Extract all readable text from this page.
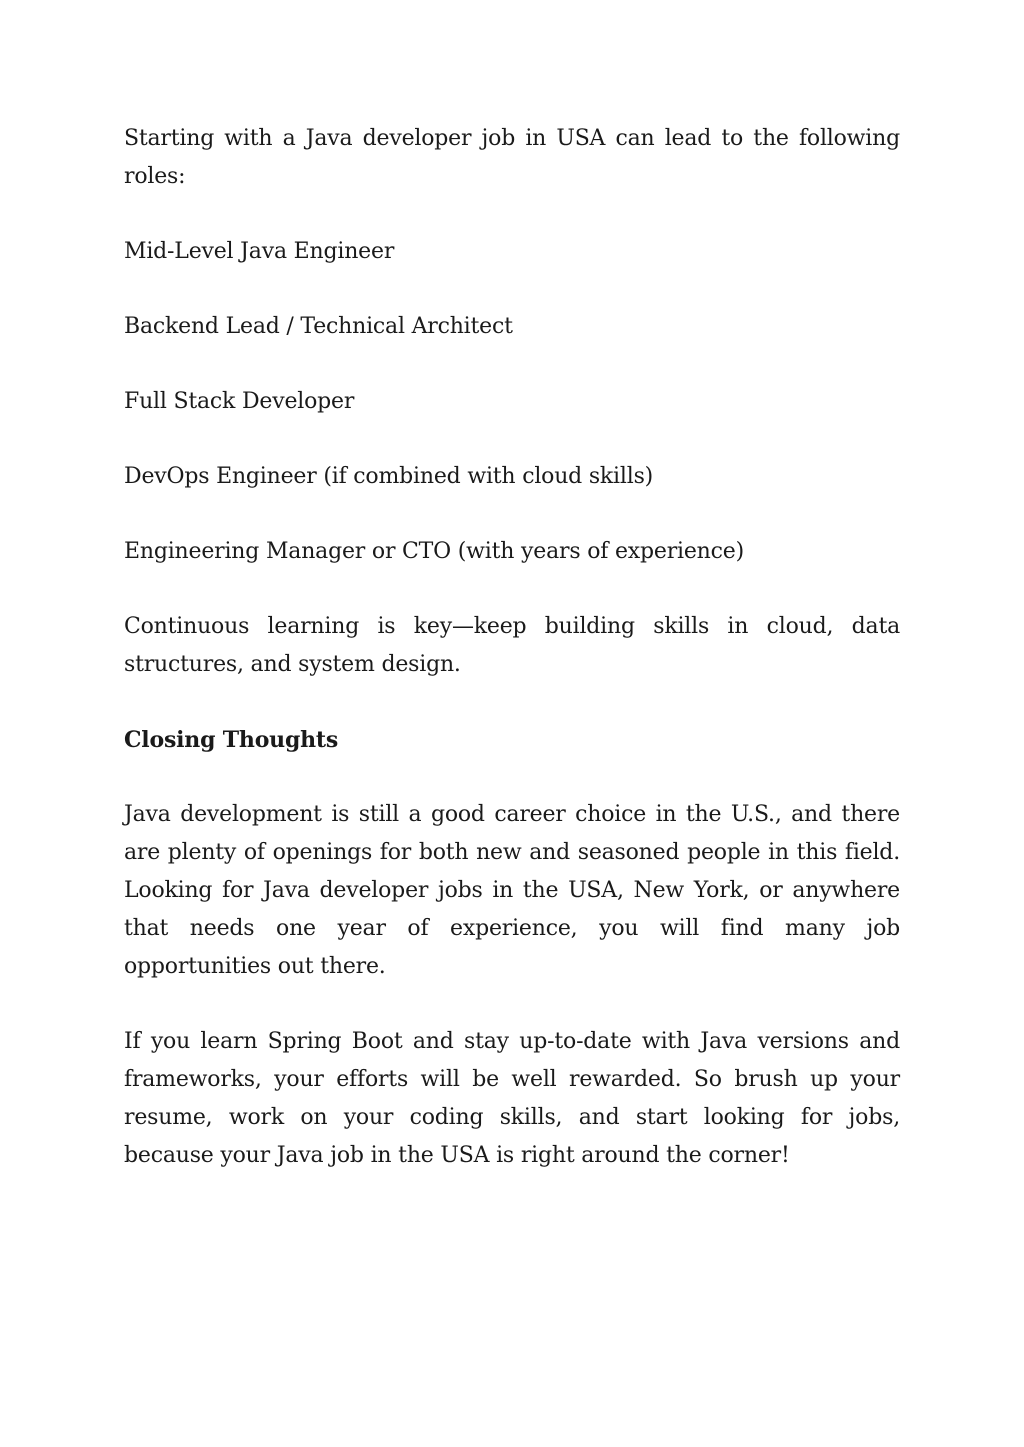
Starting with a Java developer job in USA can lead to the following roles:

Mid-Level Java Engineer

Backend Lead / Technical Architect

Full Stack Developer

DevOps Engineer (if combined with cloud skills)

Engineering Manager or CTO (with years of experience)

Continuous learning is key—keep building skills in cloud, data structures, and system design.

Closing Thoughts

Java development is still a good career choice in the U.S., and there are plenty of openings for both new and seasoned people in this field. Looking for Java developer jobs in the USA, New York, or anywhere that needs one year of experience, you will find many job opportunities out there.

If you learn Spring Boot and stay up-to-date with Java versions and frameworks, your efforts will be well rewarded. So brush up your resume, work on your coding skills, and start looking for jobs, because your Java job in the USA is right around the corner!
